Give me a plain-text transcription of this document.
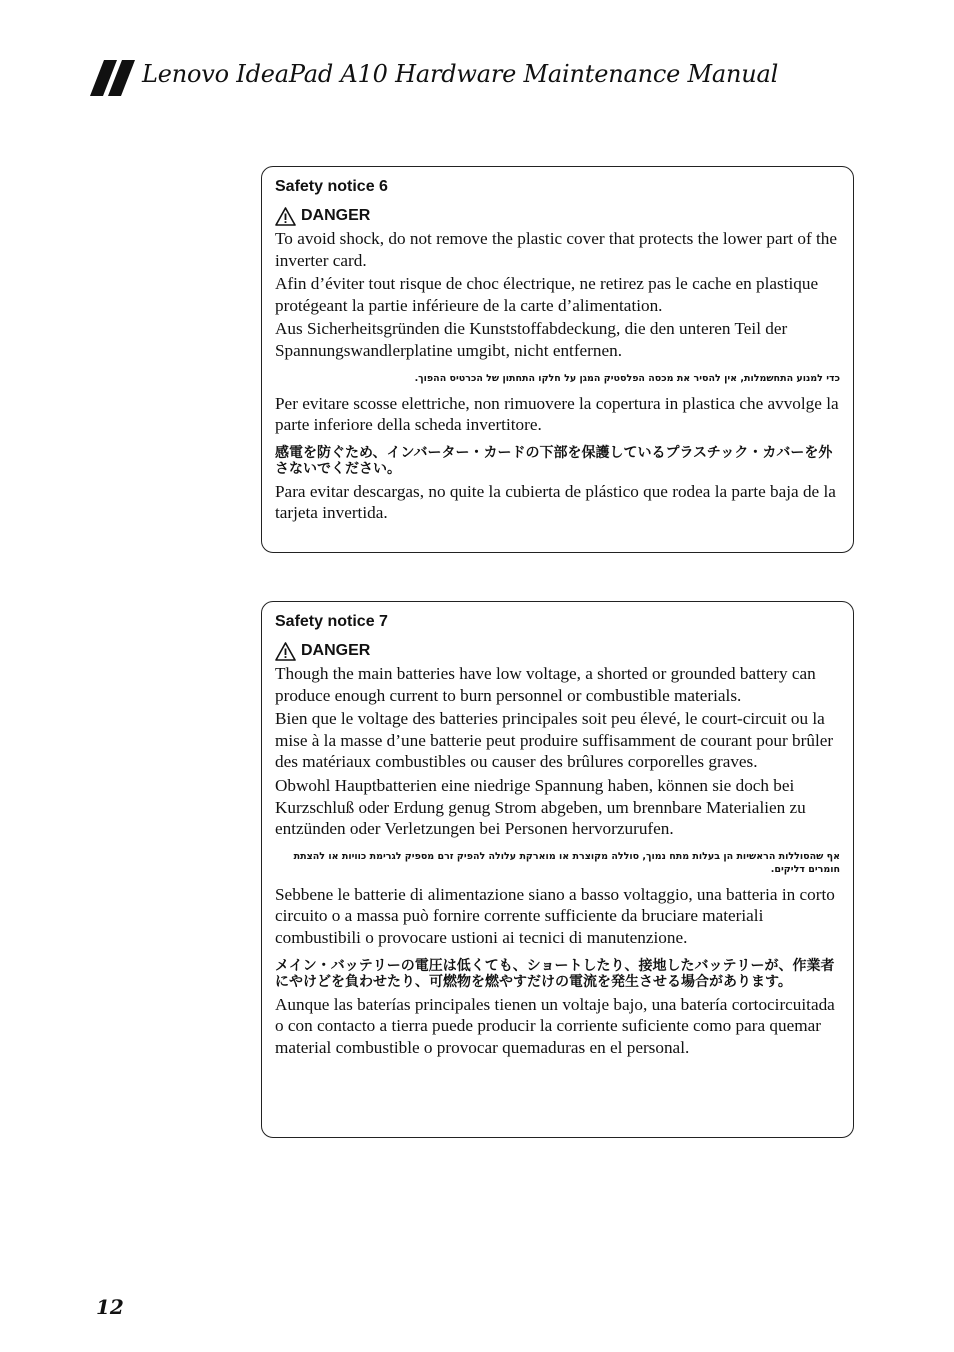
Lenovo IdeaPad A10 Hardware Maintenance Manual
Safety notice 6
DANGER
To avoid shock, do not remove the plastic cover that protects the lower part of the inverter card.
Afin d’éviter tout risque de choc électrique, ne retirez pas le cache en plastique protégeant la partie inférieure de la carte d’alimentation.
Aus Sicherheitsgründen die Kunststoffabdeckung, die den unteren Teil der Spannungswandlerplatine umgibt, nicht entfernen.
כדי למנוע התחשמלות, אין להסיר את מכסה הפלסטיק המגן על חלקו התחתון של הכרטיס ההפוך.
Per evitare scosse elettriche, non rimuovere la copertura in plastica che avvolge la parte inferiore della scheda invertitore.
感電を防ぐため、インバーター・カードの下部を保護しているプラスチック・カバーを外さないでください。
Para evitar descargas, no quite la cubierta de plástico que rodea la parte baja de la tarjeta invertida.
Safety notice 7
DANGER
Though the main batteries have low voltage, a shorted or grounded battery can produce enough current to burn personnel or combustible materials.
Bien que le voltage des batteries principales soit peu élevé, le court-circuit ou la mise à la masse d’une batterie peut produire suffisamment de courant pour brûler des matériaux combustibles ou causer des brûlures corporelles graves.
Obwohl Hauptbatterien eine niedrige Spannung haben, können sie doch bei Kurzschluß oder Erdung genug Strom abgeben, um brennbare Materialien zu entzünden oder Verletzungen bei Personen hervorzurufen.
אף שהסוללות הראשיות הן בעלות מתח נמוך, סוללה מקוצרת או מוארקת עלולה להפיק זרם מספיק לגרימת כוויות או להצתת חומרים דליקים.
Sebbene le batterie di alimentazione siano a basso voltaggio, una batteria in corto circuito o a massa può fornire corrente sufficiente da bruciare materiali combustibili o provocare ustioni ai tecnici di manutenzione.
メイン・バッテリーの電圧は低くても、ショートしたり、接地したバッテリーが、作業者にやけどを負わせたり、可燃物を燃やすだけの電流を発生させる場合があります。
Aunque las baterías principales tienen un voltaje bajo, una batería cortocircuitada o con contacto a tierra puede producir la corriente suficiente como para quemar material combustible o provocar quemaduras en el personal.
12
